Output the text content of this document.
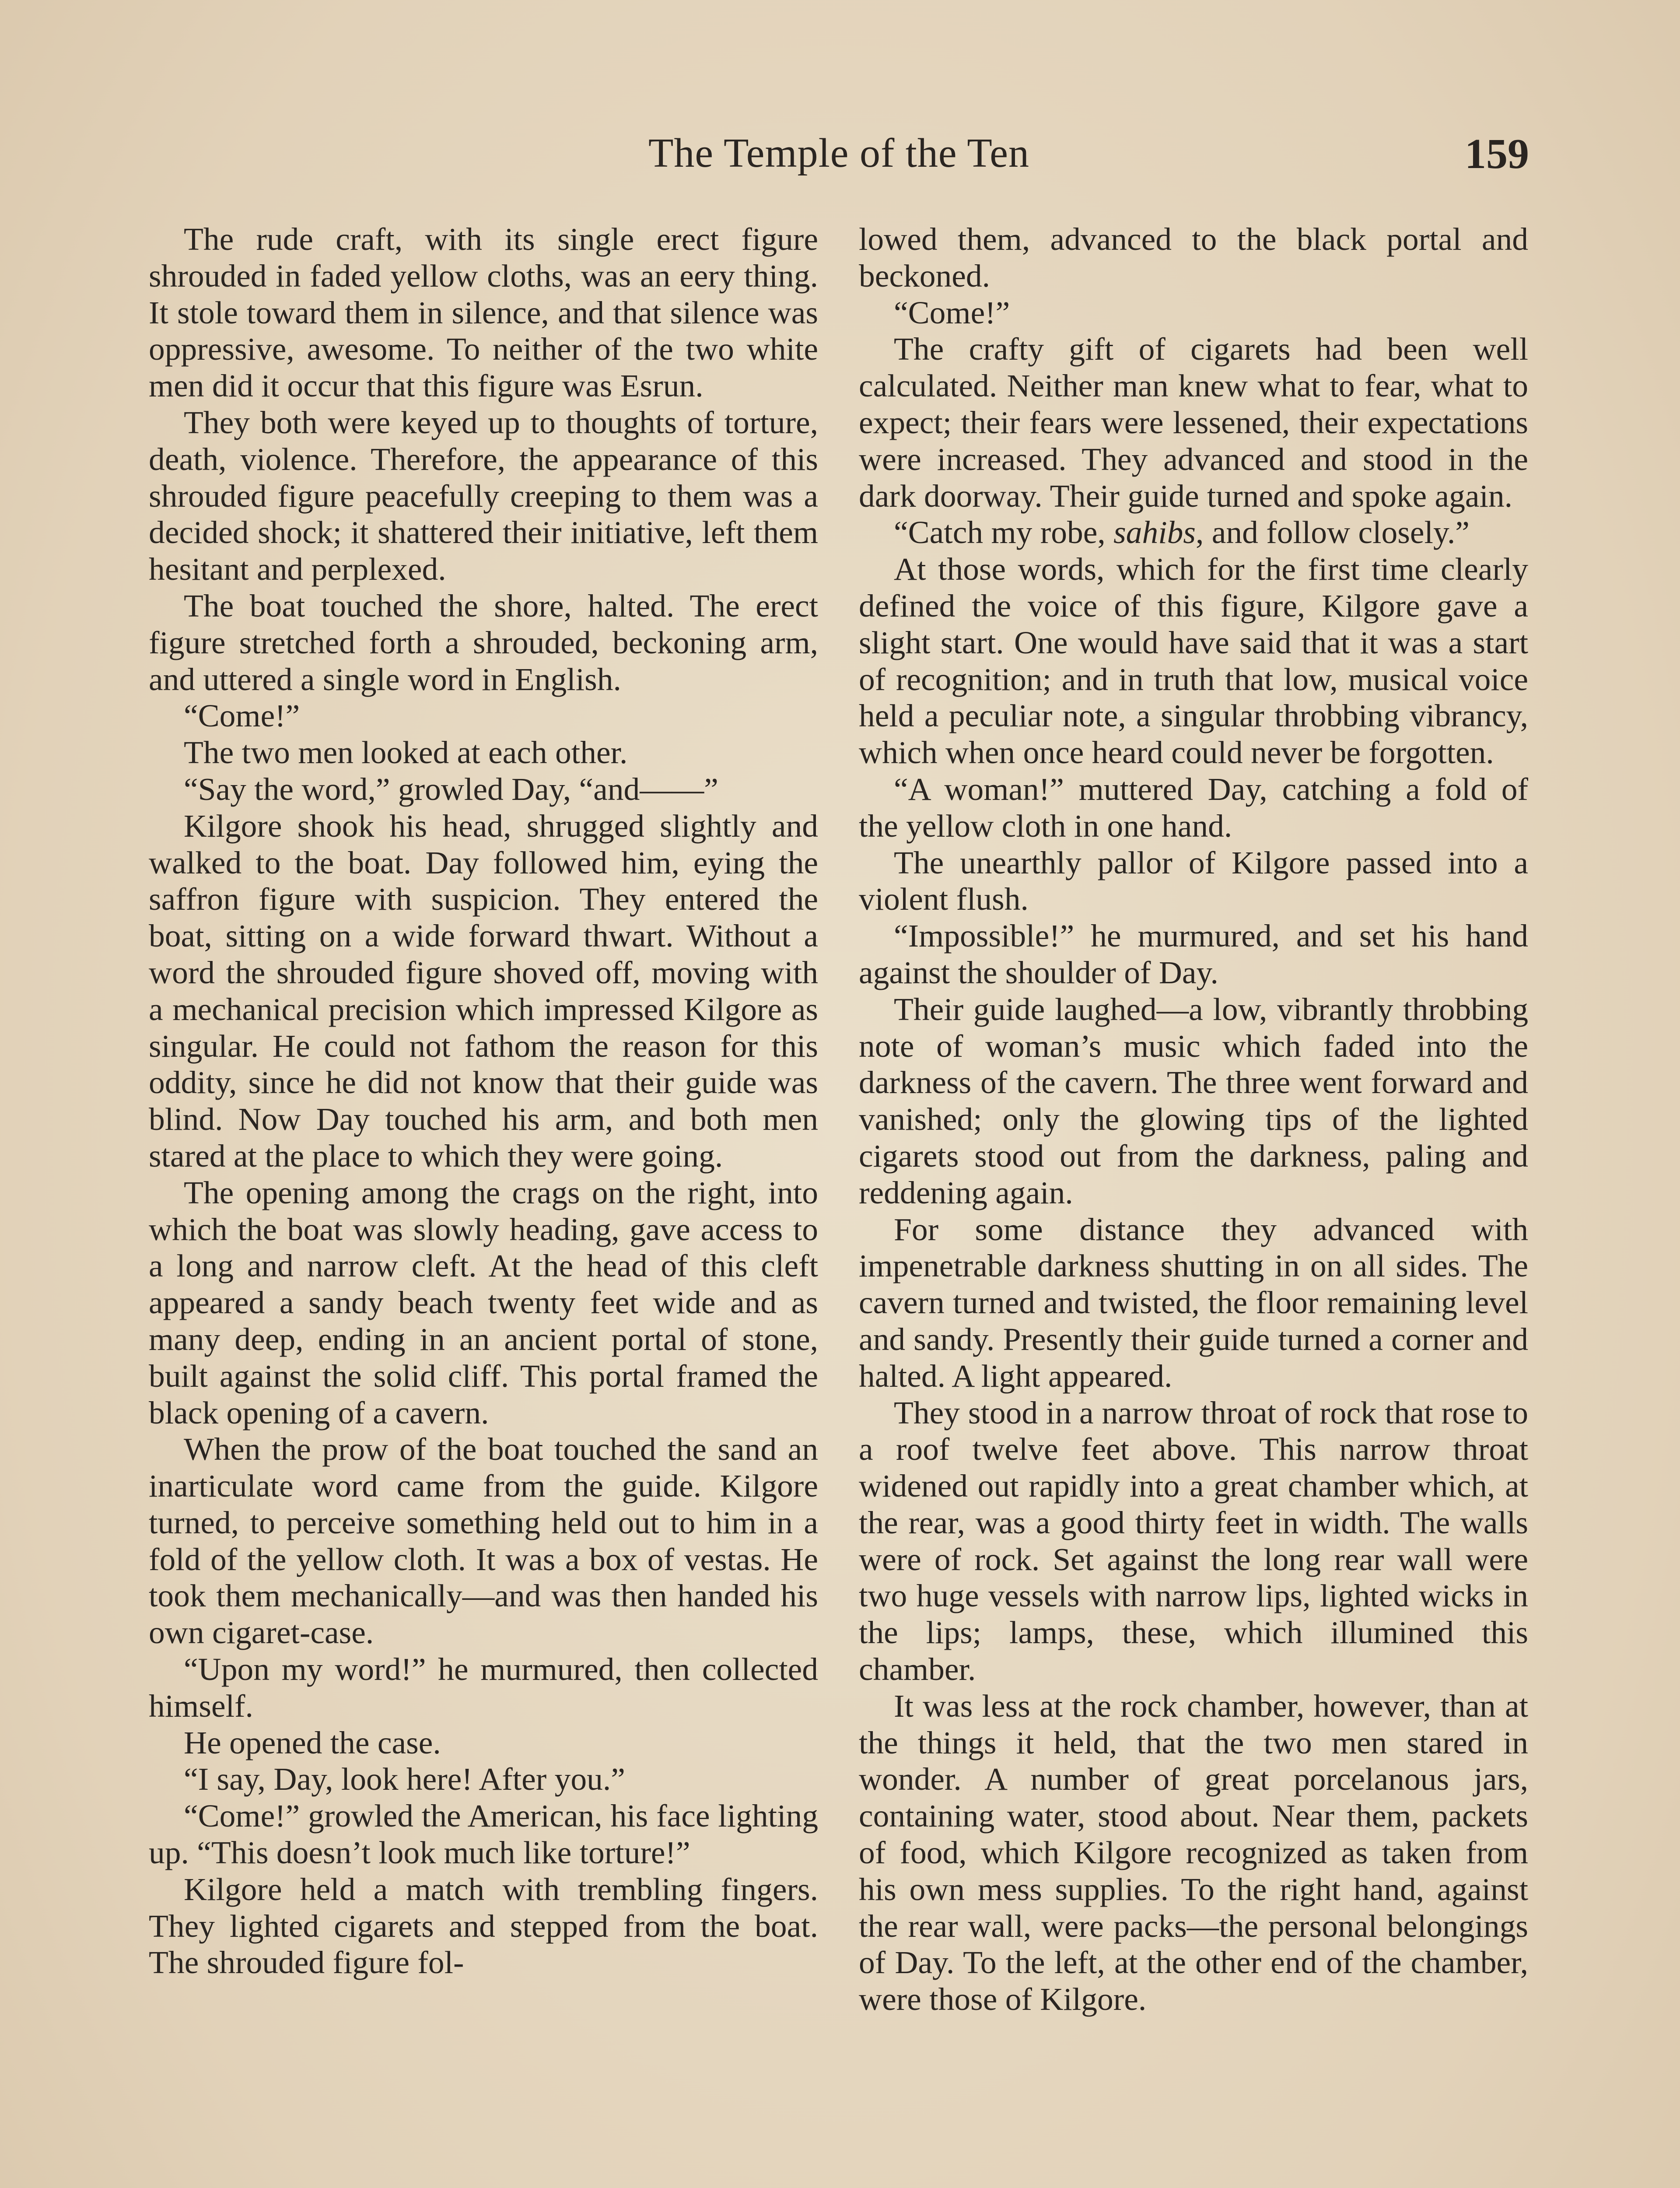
The Temple of the Ten	159

The rude craft, with its single erect figure shrouded in faded yellow cloths, was an eery thing. It stole toward them in silence, and that silence was oppressive, awesome. To neither of the two white men did it occur that this figure was Esrun.

They both were keyed up to thoughts of torture, death, violence. Therefore, the appearance of this shrouded figure peacefully creeping to them was a decided shock; it shattered their initiative, left them hesitant and perplexed.

The boat touched the shore, halted. The erect figure stretched forth a shrouded, beckoning arm, and uttered a single word in English.

“Come!”

The two men looked at each other.

“Say the word,” growled Day, “and——”

Kilgore shook his head, shrugged slightly and walked to the boat. Day followed him, eying the saffron figure with suspicion. They entered the boat, sitting on a wide forward thwart. Without a word the shrouded figure shoved off, moving with a mechanical precision which impressed Kilgore as singular. He could not fathom the reason for this oddity, since he did not know that their guide was blind. Now Day touched his arm, and both men stared at the place to which they were going.

The opening among the crags on the right, into which the boat was slowly heading, gave access to a long and narrow cleft. At the head of this cleft appeared a sandy beach twenty feet wide and as many deep, ending in an ancient portal of stone, built against the solid cliff. This portal framed the black opening of a cavern.

When the prow of the boat touched the sand an inarticulate word came from the guide. Kilgore turned, to perceive something held out to him in a fold of the yellow cloth. It was a box of vestas. He took them mechanically—and was then handed his own cigaret-case.

“Upon my word!” he murmured, then collected himself.

He opened the case.

“I say, Day, look here! After you.”

“Come!” growled the American, his face lighting up. “This doesn’t look much like torture!”

Kilgore held a match with trembling fingers. They lighted cigarets and stepped from the boat. The shrouded figure fol-

lowed them, advanced to the black portal and beckoned.

“Come!”

The crafty gift of cigarets had been well calculated. Neither man knew what to fear, what to expect; their fears were lessened, their expectations were increased. They advanced and stood in the dark doorway. Their guide turned and spoke again.

“Catch my robe, sahibs, and follow closely.”

At those words, which for the first time clearly defined the voice of this figure, Kilgore gave a slight start. One would have said that it was a start of recognition; and in truth that low, musical voice held a peculiar note, a singular throbbing vibrancy, which when once heard could never be forgotten.

“A woman!” muttered Day, catching a fold of the yellow cloth in one hand.

The unearthly pallor of Kilgore passed into a violent flush.

“Impossible!” he murmured, and set his hand against the shoulder of Day.

Their guide laughed—a low, vibrantly throbbing note of woman’s music which faded into the darkness of the cavern. The three went forward and vanished; only the glowing tips of the lighted cigarets stood out from the darkness, paling and reddening again.

For some distance they advanced with impenetrable darkness shutting in on all sides. The cavern turned and twisted, the floor remaining level and sandy. Presently their guide turned a corner and halted. A light appeared.

They stood in a narrow throat of rock that rose to a roof twelve feet above. This narrow throat widened out rapidly into a great chamber which, at the rear, was a good thirty feet in width. The walls were of rock. Set against the long rear wall were two huge vessels with narrow lips, lighted wicks in the lips; lamps, these, which illumined this chamber.

It was less at the rock chamber, however, than at the things it held, that the two men stared in wonder. A number of great porcelanous jars, containing water, stood about. Near them, packets of food, which Kilgore recognized as taken from his own mess supplies. To the right hand, against the rear wall, were packs—the personal belongings of Day. To the left, at the other end of the chamber, were those of Kilgore.
